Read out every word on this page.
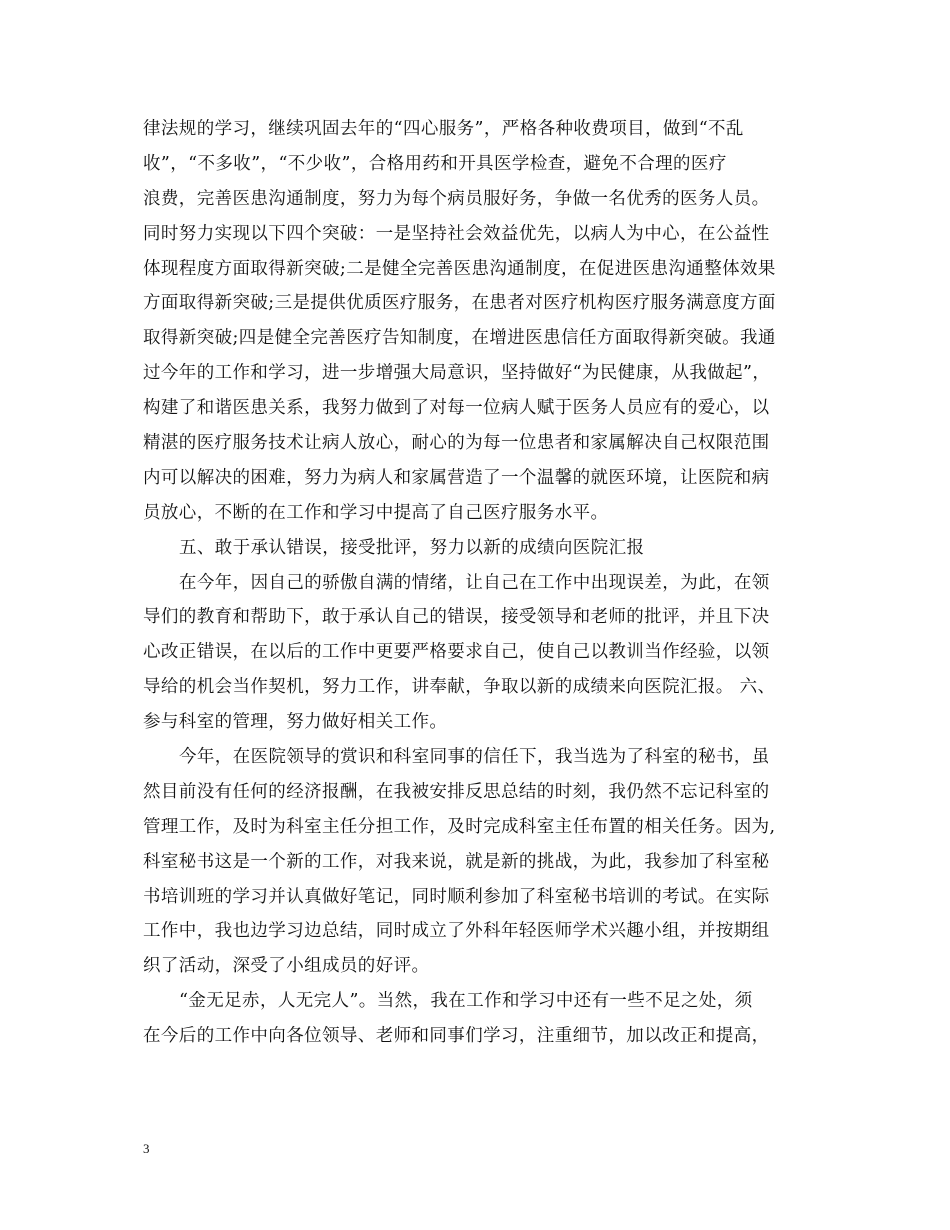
律法规的学习，继续巩固去年的“四心服务”，严格各种收费项目，做到“不乱
收”，“不多收”，“不少收”，合格用药和开具医学检查，避免不合理的医疗
浪费，完善医患沟通制度，努力为每个病员服好务，争做一名优秀的医务人员。
同时努力实现以下四个突破：一是坚持社会效益优先，以病人为中心，在公益性
体现程度方面取得新突破;二是健全完善医患沟通制度，在促进医患沟通整体效果
方面取得新突破;三是提供优质医疗服务，在患者对医疗机构医疗服务满意度方面
取得新突破;四是健全完善医疗告知制度，在增进医患信任方面取得新突破。我通
过今年的工作和学习，进一步增强大局意识，坚持做好“为民健康，从我做起”，
构建了和谐医患关系，我努力做到了对每一位病人赋于医务人员应有的爱心，以
精湛的医疗服务技术让病人放心，耐心的为每一位患者和家属解决自己权限范围
内可以解决的困难，努力为病人和家属营造了一个温馨的就医环境，让医院和病
员放心，不断的在工作和学习中提高了自己医疗服务水平。
五、敢于承认错误，接受批评，努力以新的成绩向医院汇报
在今年，因自己的骄傲自满的情绪，让自己在工作中出现误差，为此，在领
导们的教育和帮助下，敢于承认自己的错误，接受领导和老师的批评，并且下决
心改正错误，在以后的工作中更要严格要求自己，使自己以教训当作经验，以领
导给的机会当作契机，努力工作，讲奉献，争取以新的成绩来向医院汇报。 六、
参与科室的管理，努力做好相关工作。
今年，在医院领导的赏识和科室同事的信任下，我当选为了科室的秘书，虽
然目前没有任何的经济报酬，在我被安排反思总结的时刻，我仍然不忘记科室的
管理工作，及时为科室主任分担工作，及时完成科室主任布置的相关任务。因为,
科室秘书这是一个新的工作，对我来说，就是新的挑战，为此，我参加了科室秘
书培训班的学习并认真做好笔记，同时顺利参加了科室秘书培训的考试。在实际
工作中，我也边学习边总结，同时成立了外科年轻医师学术兴趣小组，并按期组
织了活动，深受了小组成员的好评。
“金无足赤，人无完人”。当然，我在工作和学习中还有一些不足之处，须
在今后的工作中向各位领导、老师和同事们学习，注重细节，加以改正和提高，
3
